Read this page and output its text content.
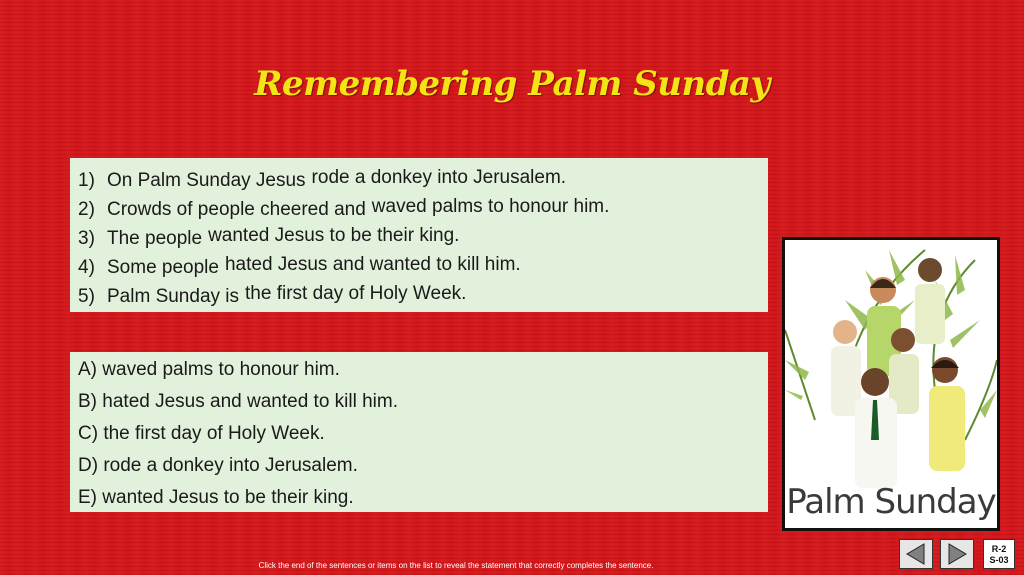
Remembering Palm Sunday
1) On Palm Sunday Jesus rode a donkey into Jerusalem.
2) Crowds of people cheered and waved palms to honour him.
3) The people wanted Jesus to be their king.
4) Some people hated Jesus and wanted to kill him.
5) Palm Sunday is the first day of Holy Week.
A) waved palms to honour him.
B) hated Jesus and wanted to kill him.
C) the first day of Holy Week.
D) rode a donkey into Jerusalem.
E) wanted Jesus to be their king.	Palm Sunday
R-2
S-03
Click the end of the sentences or items on the list to reveal the statement that correctly completes the sentence.
